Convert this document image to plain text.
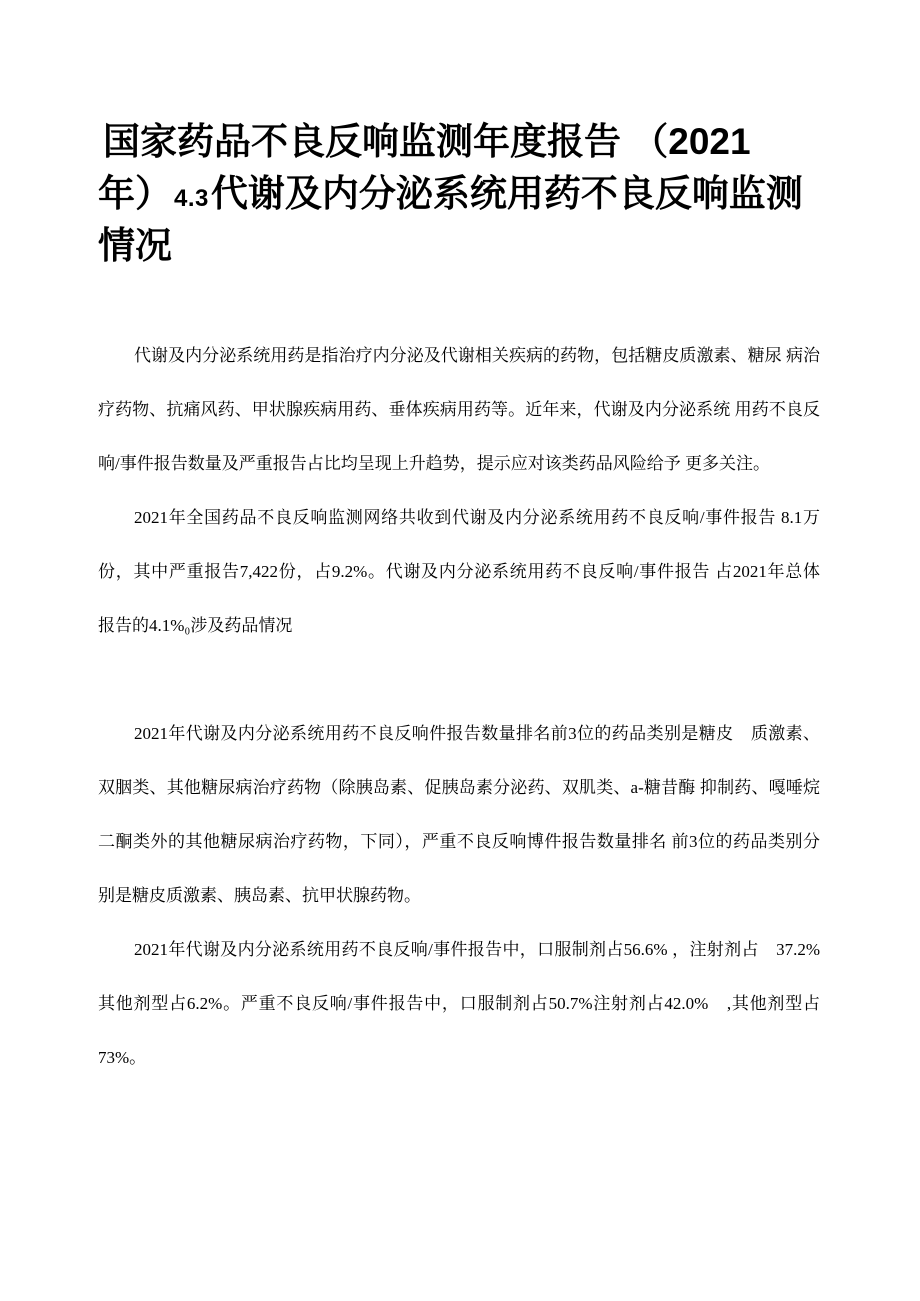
国家药品不良反响监测年度报告 （2021
年）4.3代谢及内分泌系统用药不良反响监测
情况
代谢及内分泌系统用药是指治疗内分泌及代谢相关疾病的药物，包括糖皮质激素、糖尿 病治
疗药物、抗痛风药、甲状腺疾病用药、垂体疾病用药等。近年来，代谢及内分泌系统 用药不良反
响/事件报告数量及严重报告占比均呈现上升趋势，提示应对该类药品风险给予 更多关注。
2021年全国药品不良反响监测网络共收到代谢及内分泌系统用药不良反响/事件报告 8.1万
份，其中严重报告7,422份，占9.2%。代谢及内分泌系统用药不良反响/事件报告 占2021年总体
报告的4.1%₀涉及药品情况
2021年代谢及内分泌系统用药不良反响件报告数量排名前3位的药品类别是糖皮　质激素、
双胭类、其他糖尿病治疗药物（除胰岛素、促胰岛素分泌药、双肌类、a-糖昔酶 抑制药、嘎唾烷
二酮类外的其他糖尿病治疗药物，下同），严重不良反响博件报告数量排名 前3位的药品类别分
别是糖皮质激素、胰岛素、抗甲状腺药物。
2021年代谢及内分泌系统用药不良反响/事件报告中，口服制剂占56.6% ，注射剂占　37.2%
其他剂型占6.2%。严重不良反响/事件报告中，口服制剂占50.7%注射剂占42.0%　,其他剂型占
73%。
